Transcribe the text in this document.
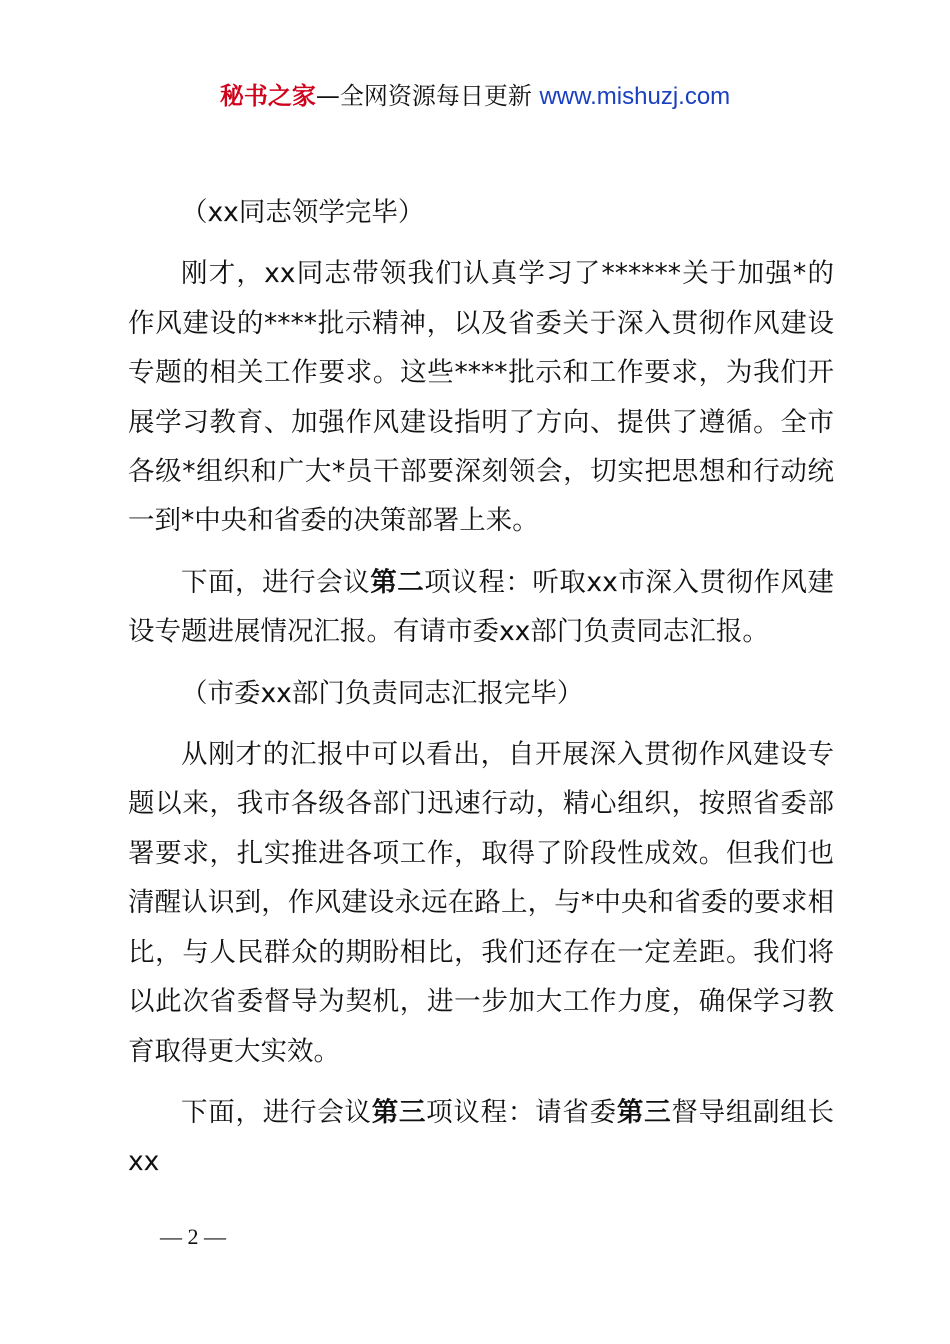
秘书之家—全网资源每日更新 www.mishuzj.com

（xx同志领学完毕）

刚才，xx同志带领我们认真学习了******关于加强*的作风建设的****批示精神，以及省委关于深入贯彻作风建设专题的相关工作要求。这些****批示和工作要求，为我们开展学习教育、加强作风建设指明了方向、提供了遵循。全市各级*组织和广大*员干部要深刻领会，切实把思想和行动统一到*中央和省委的决策部署上来。

下面，进行会议第二项议程：听取xx市深入贯彻作风建设专题进展情况汇报。有请市委xx部门负责同志汇报。

（市委xx部门负责同志汇报完毕）

从刚才的汇报中可以看出，自开展深入贯彻作风建设专题以来，我市各级各部门迅速行动，精心组织，按照省委部署要求，扎实推进各项工作，取得了阶段性成效。但我们也清醒认识到，作风建设永远在路上，与*中央和省委的要求相比，与人民群众的期盼相比，我们还存在一定差距。我们将以此次省委督导为契机，进一步加大工作力度，确保学习教育取得更大实效。

下面，进行会议第三项议程：请省委第三督导组副组长xx

— 2 —
